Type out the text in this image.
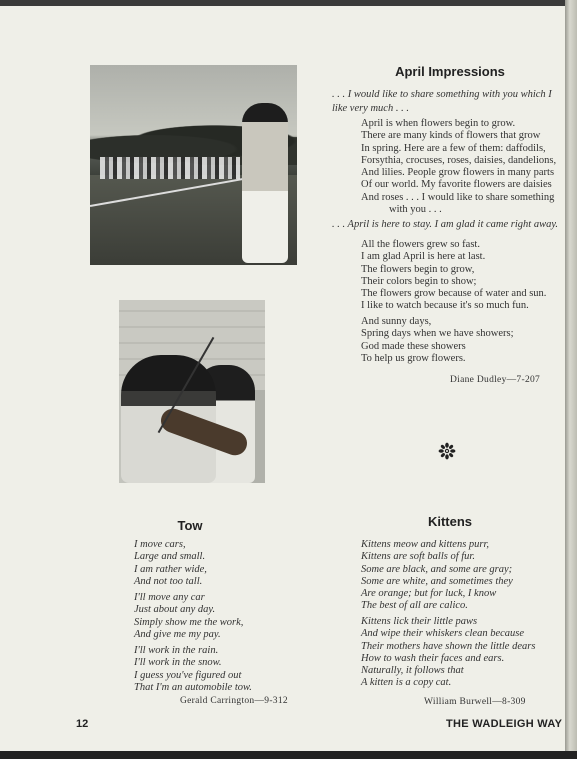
April Impressions
. . . I would like to share something with you which I like very much . . .
April is when flowers begin to grow.
There are many kinds of flowers that grow
In spring. Here are a few of them: daffodils,
Forsythia, crocuses, roses, daisies, dandelions,
And lilies. People grow flowers in many parts
Of our world. My favorite flowers are daisies
And roses . . . I would like to share something
with you . . .
. . . April is here to stay. I am glad it came right away.
All the flowers grew so fast.
I am glad April is here at last.
The flowers begin to grow,
Their colors begin to show;
The flowers grow because of water and sun.
I like to watch because it's so much fun.
And sunny days,
Spring days when we have showers;
God made these showers
To help us grow flowers.
Diane Dudley—7-207
Tow
I move cars,
Large and small.
I am rather wide,
And not too tall.
I'll move any car
Just about any day.
Simply show me the work,
And give me my pay.
I'll work in the rain.
I'll work in the snow.
I guess you've figured out
That I'm an automobile tow.
Gerald Carrington—9-312
Kittens
Kittens meow and kittens purr,
Kittens are soft balls of fur.
Some are black, and some are gray;
Some are white, and sometimes they
Are orange; but for luck, I know
The best of all are calico.
Kittens lick their little paws
And wipe their whiskers clean because
Their mothers have shown the little dears
How to wash their faces and ears.
Naturally, it follows that
A kitten is a copy cat.
William Burwell—8-309
12	THE WADLEIGH WAY
